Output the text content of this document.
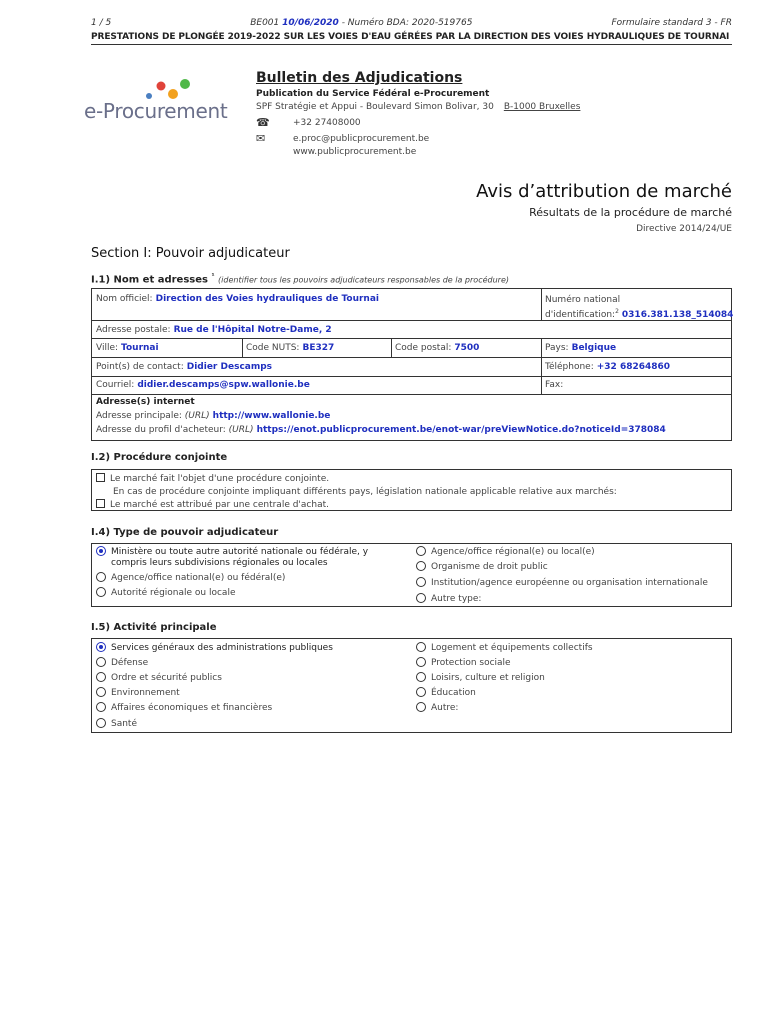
1 / 5	BE001 10/06/2020 - Numéro BDA: 2020-519765	Formulaire standard 3 - FR
PRESTATIONS DE PLONGÉE 2019-2022 SUR LES VOIES D'EAU GÉRÉES PAR LA DIRECTION DES VOIES HYDRAULIQUES DE TOURNAI
e-Procurement
Bulletin des Adjudications
Publication du Service Fédéral e-Procurement
SPF Stratégie et Appui - Boulevard Simon Bolivar, 30 B-1000 Bruxelles
☎	+32 27408000
✉	e.proc@publicprocurement.be
www.publicprocurement.be
Avis d’attribution de marché
Résultats de la procédure de marché
Directive 2014/24/UE
Section I: Pouvoir adjudicateur
I.1) Nom et adresses $^{^1}$ (identifier tous les pouvoirs adjudicateurs responsables de la procédure)
Nom officiel: Direction des Voies hydrauliques de Tournai	Numéro national d'identification:$^2$ 0316.381.138_514084
Adresse postale: Rue de l'Hôpital Notre-Dame, 2
Ville: Tournai	Code NUTS: BE327	Code postal: 7500	Pays: Belgique
Point(s) de contact: Didier Descamps	Téléphone: +32 68264860
Courriel: didier.descamps@spw.wallonie.be	Fax:
Adresse(s) internet
Adresse principale: (URL) http://www.wallonie.be
Adresse du profil d'acheteur: (URL) https://enot.publicprocurement.be/enot-war/preViewNotice.do?noticeId=378084
I.2) Procédure conjointe
Le marché fait l'objet d'une procédure conjointe.
En cas de procédure conjointe impliquant différents pays, législation nationale applicable relative aux marchés:
Le marché est attribué par une centrale d'achat.
I.4) Type de pouvoir adjudicateur
Ministère ou toute autre autorité nationale ou fédérale, y
compris leurs subdivisions régionales ou locales
Agence/office national(e) ou fédéral(e)
Autorité régionale ou locale
Agence/office régional(e) ou local(e)
Organisme de droit public
Institution/agence européenne ou organisation internationale
Autre type:
I.5) Activité principale
Services généraux des administrations publiques
Défense
Ordre et sécurité publics
Environnement
Affaires économiques et financières
Santé
Logement et équipements collectifs
Protection sociale
Loisirs, culture et religion
Éducation
Autre:
